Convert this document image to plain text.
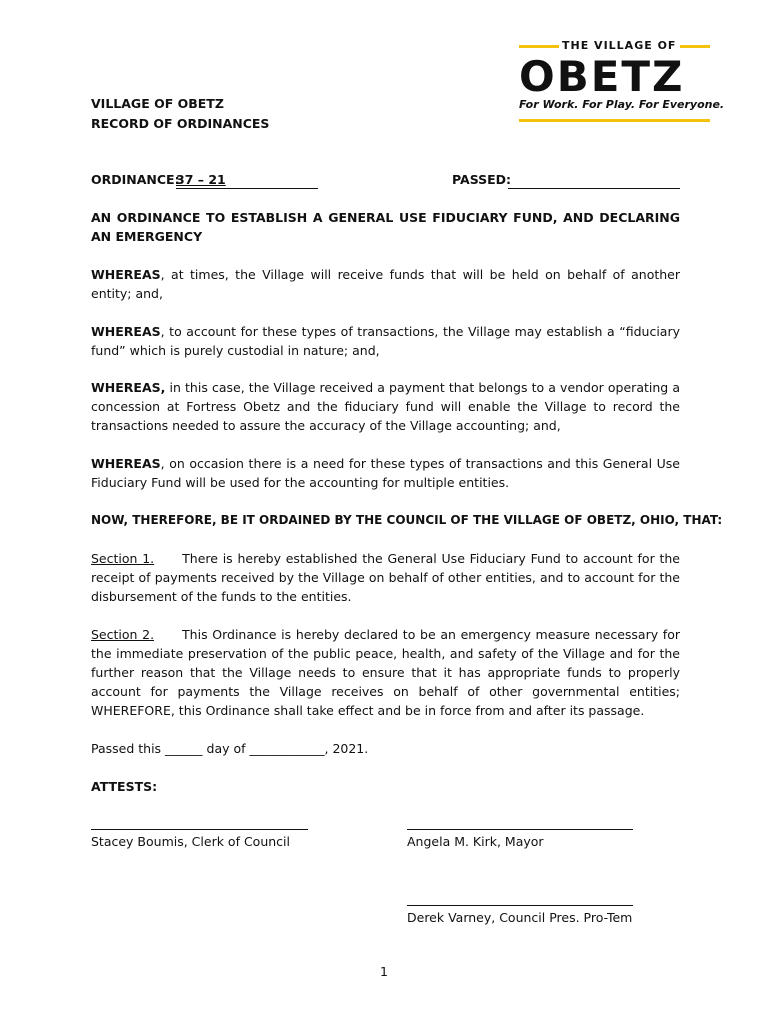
THE VILLAGE OF
OBETZ
For Work. For Play. For Everyone.
VILLAGE OF OBETZ
RECORD OF ORDINANCES
ORDINANCE:
37 – 21	PASSED:
AN ORDINANCE TO ESTABLISH A GENERAL USE FIDUCIARY FUND, AND DECLARING AN EMERGENCY
WHEREAS, at times, the Village will receive funds that will be held on behalf of another entity; and,
WHEREAS, to account for these types of transactions, the Village may establish a “fiduciary fund” which is purely custodial in nature; and,
WHEREAS, in this case, the Village received a payment that belongs to a vendor operating a concession at Fortress Obetz and the fiduciary fund will enable the Village to record the transactions needed to assure the accuracy of the Village accounting; and,
WHEREAS, on occasion there is a need for these types of transactions and this General Use Fiduciary Fund will be used for the accounting for multiple entities.
NOW, THEREFORE, BE IT ORDAINED BY THE COUNCIL OF THE VILLAGE OF OBETZ, OHIO, THAT:
Section 1. There is hereby established the General Use Fiduciary Fund to account for the receipt of payments received by the Village on behalf of other entities, and to account for the disbursement of the funds to the entities.
Section 2. This Ordinance is hereby declared to be an emergency measure necessary for the immediate preservation of the public peace, health, and safety of the Village and for the further reason that the Village needs to ensure that it has appropriate funds to properly account for payments the Village receives on behalf of other governmental entities; WHEREFORE, this Ordinance shall take effect and be in force from and after its passage.
Passed this ______ day of ____________, 2021.
ATTESTS:
Stacey Boumis, Clerk of Council	Angela M. Kirk, Mayor
Derek Varney, Council Pres. Pro-Tem
1
